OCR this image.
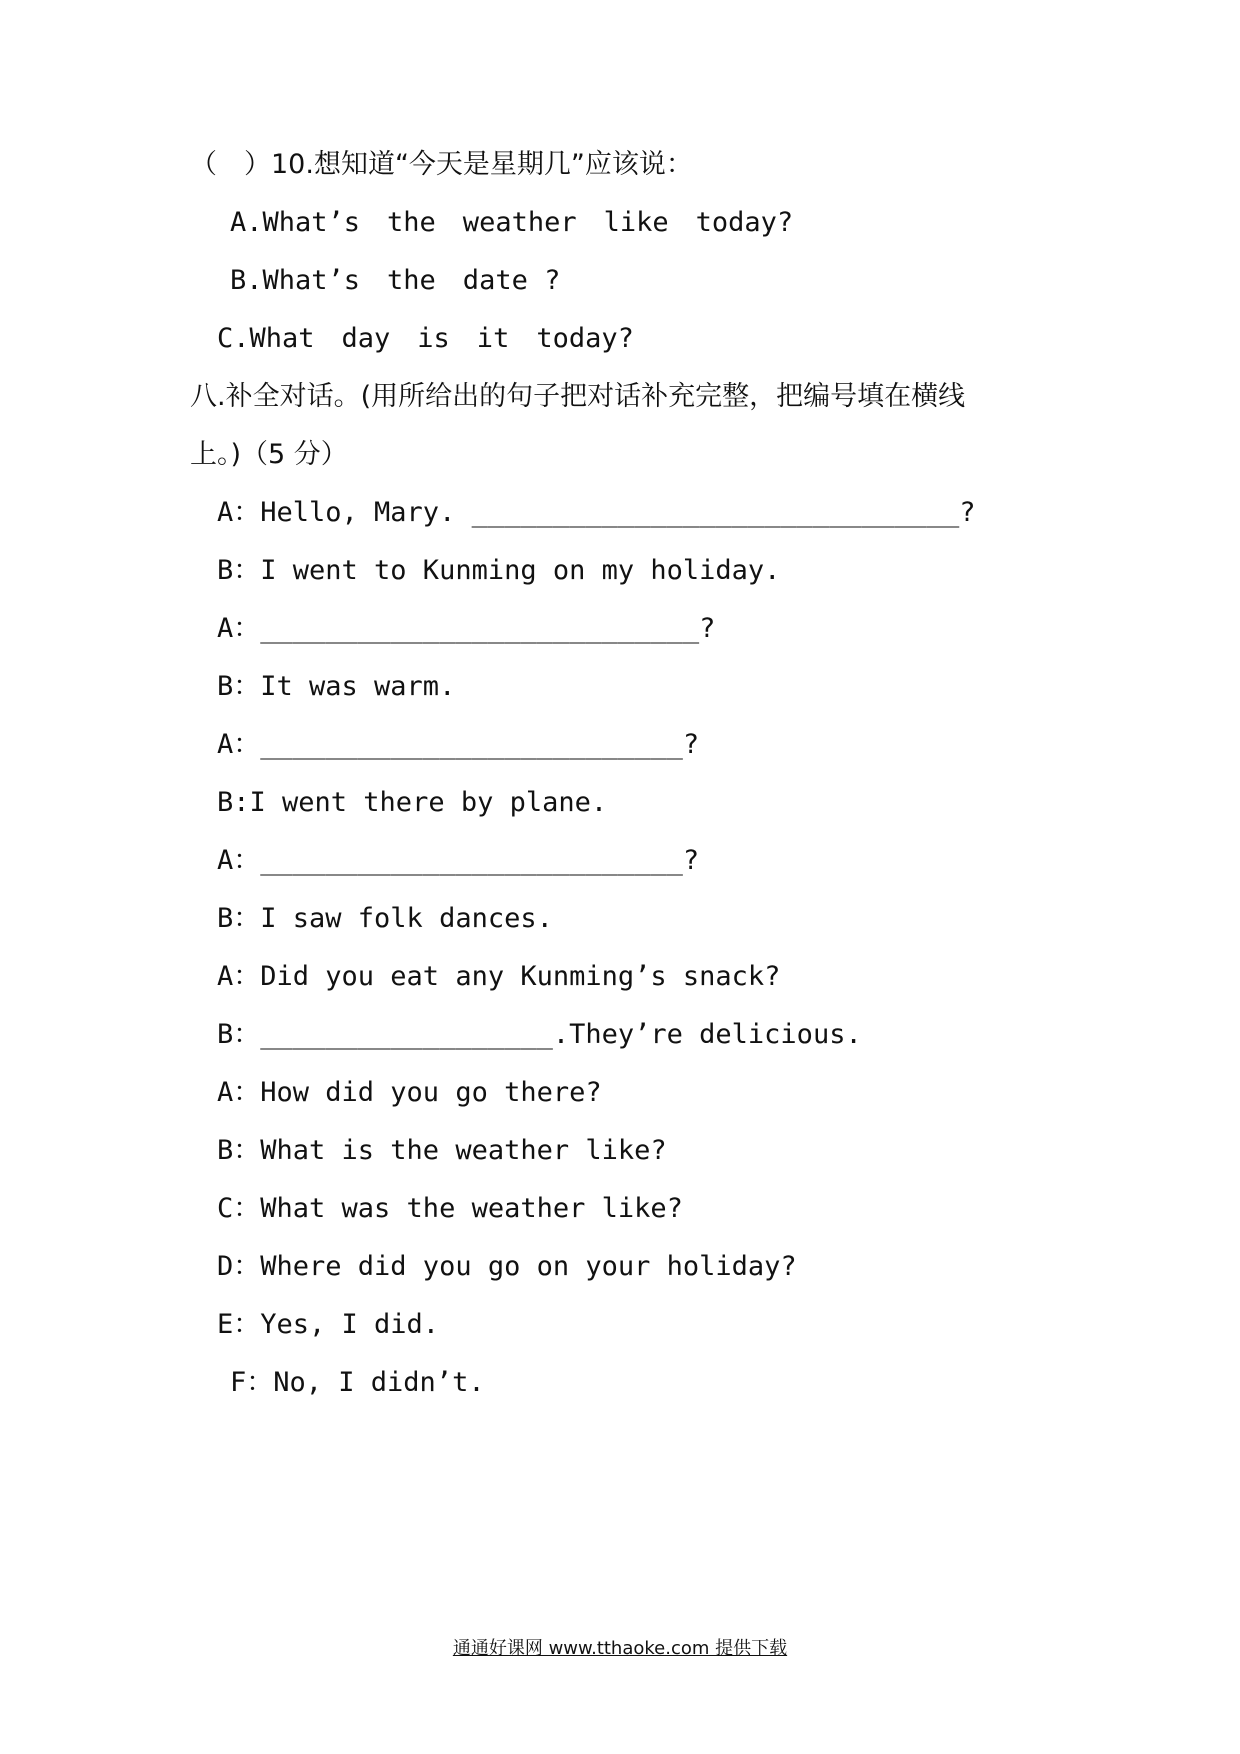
（　）10.想知道“今天是星期几”应该说：
A.What’s　the　weather　like　today?
B.What’s　the　date ?
C.What　day　is　it　today?
八.补全对话。(用所给出的句子把对话补充完整，把编号填在横线
上。)（5 分）
A：Hello, Mary. ______________________________?
B：I went to Kunming on my holiday.
A：___________________________?
B：It was warm.
A：__________________________?
B:I went there by plane.
A：__________________________?
B：I saw folk dances.
A：Did you eat any Kunming’s snack?
B：__________________.They’re delicious.
A：How did you go there?
B：What is the weather like?
C：What was the weather like?
D：Where did you go on your holiday?
E：Yes, I did.
F：No, I didn’t.
通通好课网 www.tthaoke.com 提供下载
